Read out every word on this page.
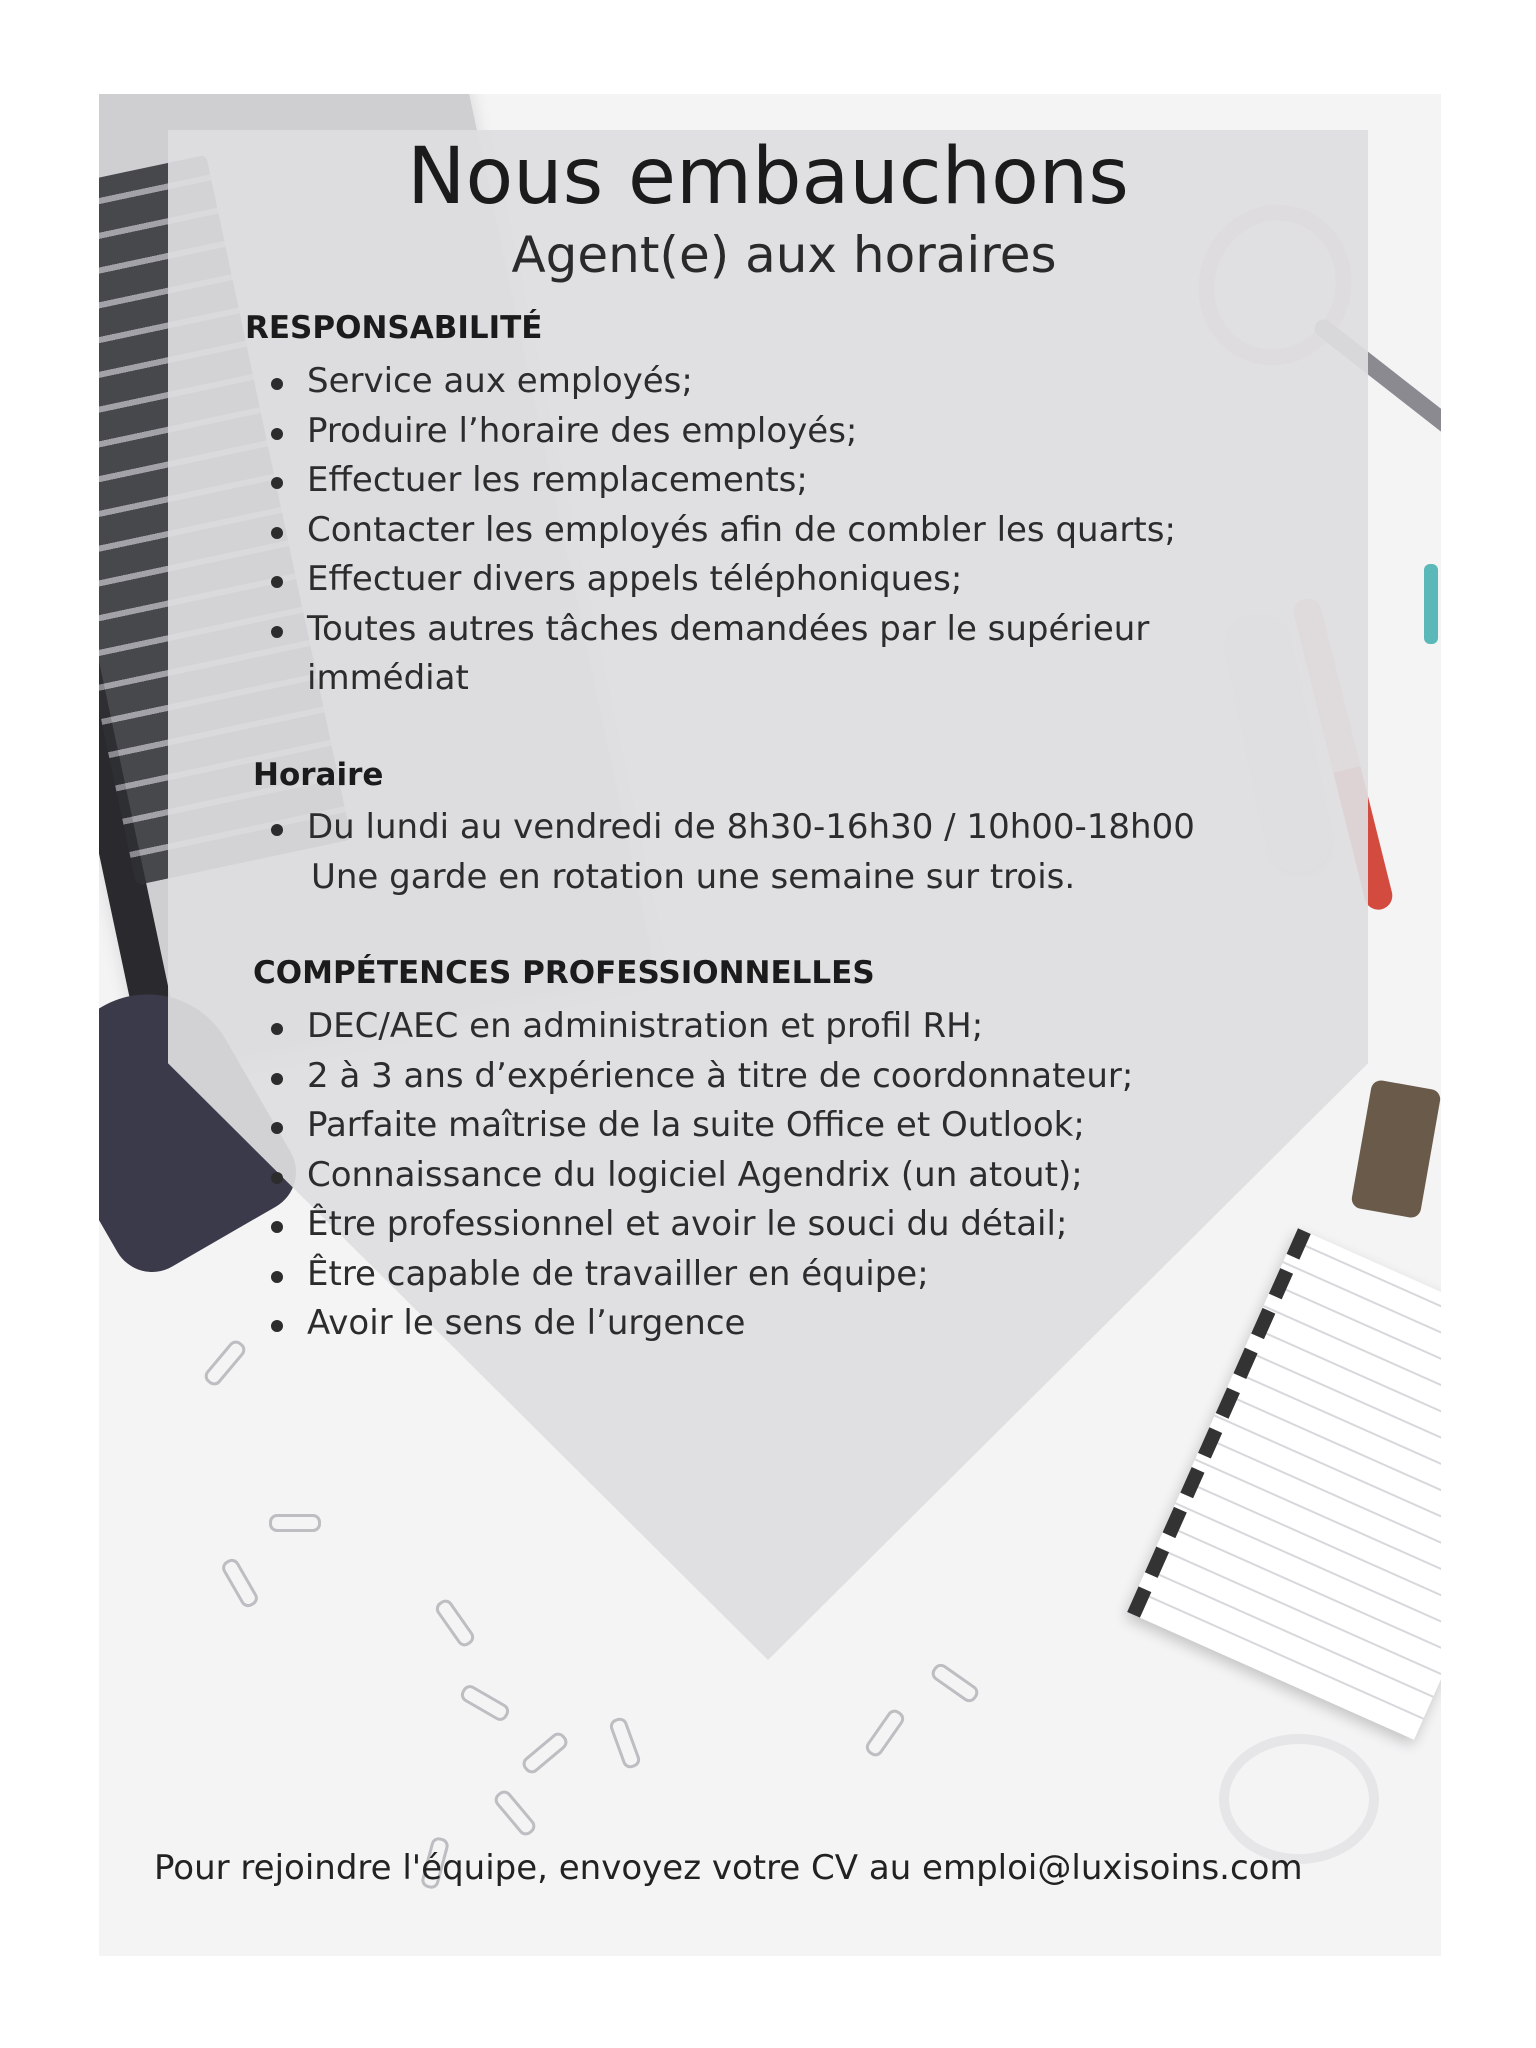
Nous embauchons
Agent(e) aux horaires
RESPONSABILITÉ
Service aux employés;
Produire l’horaire des employés;
Effectuer les remplacements;
Contacter les employés afin de combler les quarts;
Effectuer divers appels téléphoniques;
Toutes autres tâches demandées par le supérieur
immédiat
Horaire
Du lundi au vendredi de 8h30-16h30 / 10h00-18h00
Une garde en rotation une semaine sur trois.
COMPÉTENCES PROFESSIONNELLES
DEC/AEC en administration et profil RH;
2 à 3 ans d’expérience à titre de coordonnateur;
Parfaite maîtrise de la suite Office et Outlook;
Connaissance du logiciel Agendrix (un atout);
Être professionnel et avoir le souci du détail;
Être capable de travailler en équipe;
Avoir le sens de l’urgence
Pour rejoindre l'équipe, envoyez votre CV au emploi@luxisoins.com
